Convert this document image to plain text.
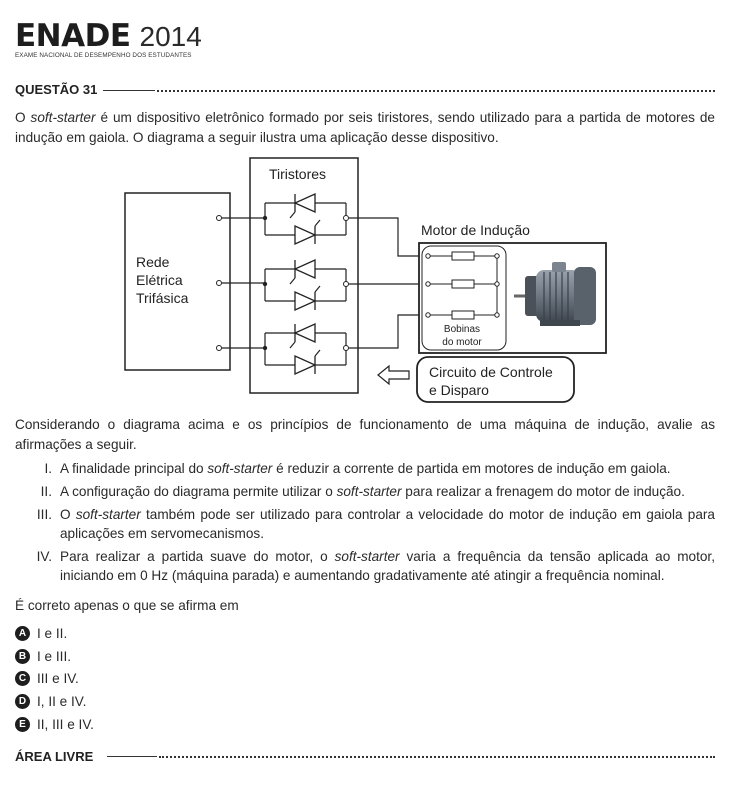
ENADE 2014
EXAME NACIONAL DE DESEMPENHO DOS ESTUDANTES
QUESTÃO 31
O soft-starter é um dispositivo eletrônico formado por seis tiristores, sendo utilizado para a partida de motores de indução em gaiola. O diagrama a seguir ilustra uma aplicação desse dispositivo.
Rede
Elétrica
Trifásica
Tiristores
Motor de Indução
Bobinas
do motor
Circuito de Controle
e Disparo
Considerando o diagrama acima e os princípios de funcionamento de uma máquina de indução, avalie as afirmações a seguir.
I. A finalidade principal do soft-starter é reduzir a corrente de partida em motores de indução em gaiola.
II. A configuração do diagrama permite utilizar o soft-starter para realizar a frenagem do motor de indução.
III. O soft-starter também pode ser utilizado para controlar a velocidade do motor de indução em gaiola para aplicações em servomecanismos.
IV. Para realizar a partida suave do motor, o soft-starter varia a frequência da tensão aplicada ao motor, iniciando em 0 Hz (máquina parada) e aumentando gradativamente até atingir a frequência nominal.
É correto apenas o que se afirma em
A I e II.
B I e III.
C III e IV.
D I, II e IV.
E II, III e IV.
ÁREA LIVRE
